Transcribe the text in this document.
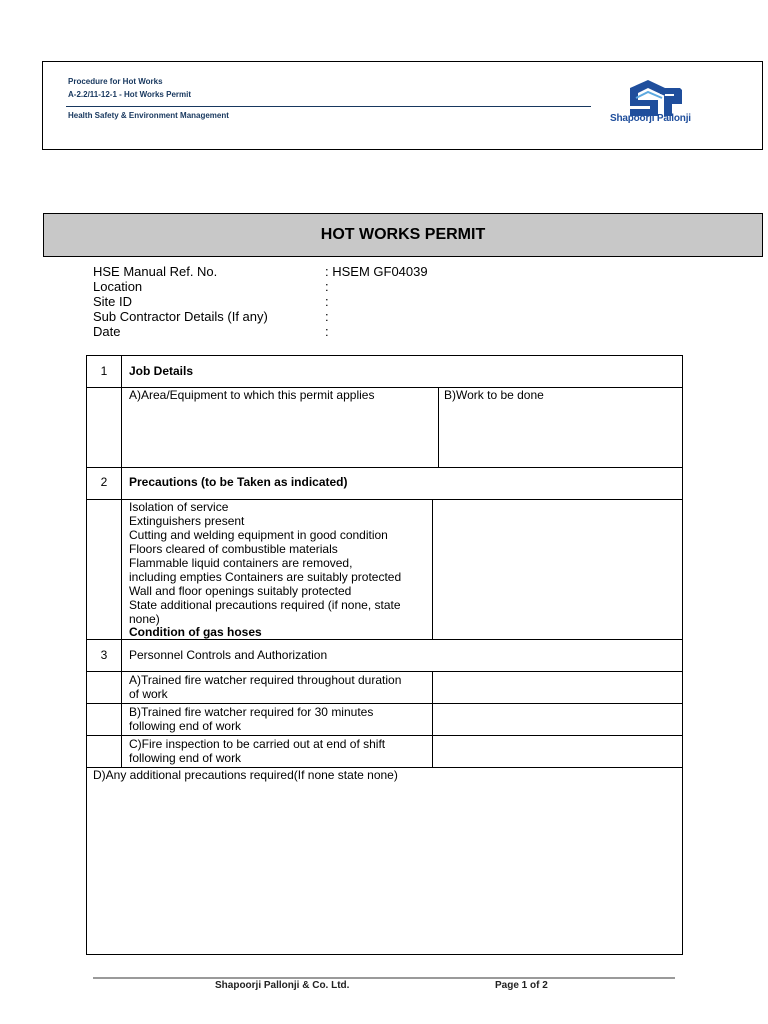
Procedure for Hot Works
A-2.2/11-12-1 - Hot Works Permit
Health Safety & Environment Management	Shapoorji Pallonji
HOT WORKS PERMIT
HSE Manual Ref. No.	: HSEM GF04039
Location	:
Site ID	:
Sub Contractor Details (If any)	:
Date	:
1	Job Details
A)Area/Equipment to which this permit applies	B)Work to be done
2	Precautions (to be Taken as indicated)
Isolation of service
Extinguishers present
Cutting and welding equipment in good condition
Floors cleared of combustible materials
Flammable liquid containers are removed,
including empties Containers are suitably protected
Wall and floor openings suitably protected
State additional precautions required (if none, state
none)
Condition of gas hoses
3	Personnel Controls and Authorization
A)Trained fire watcher required throughout duration
of work
B)Trained fire watcher required for 30 minutes
following end of work
C)Fire inspection to be carried out at end of shift
following end of work
D)Any additional precautions required(If none state none)
Shapoorji Pallonji & Co. Ltd.	Page 1 of 2
